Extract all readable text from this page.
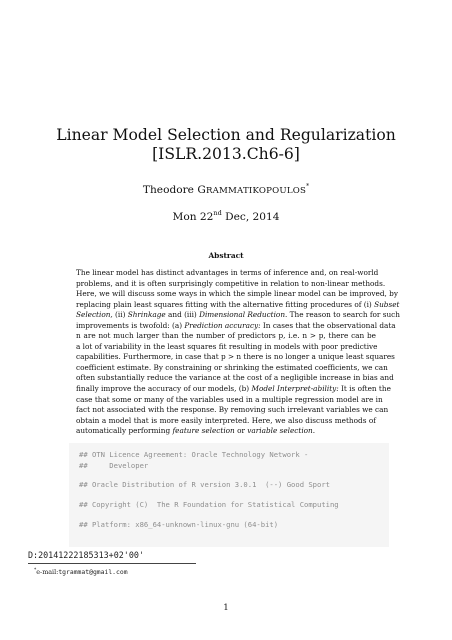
Linear Model Selection and Regularization
[ISLR.2013.Ch6-6]
Theodore GRAMMATIKOPOULOS*
Mon 22nd Dec, 2014
Abstract
The linear model has distinct advantages in terms of inference and, on real-world
problems, and it is often surprisingly competitive in relation to non-linear methods.
Here, we will discuss some ways in which the simple linear model can be improved, by
replacing plain least squares fitting with the alternative fitting procedures of (i) Subset
Selection, (ii) Shrinkage and (iii) Dimensional Reduction. The reason to search for such
improvements is twofold: (a) Prediction accuracy: In cases that the observational data
n are not much larger than the number of predictors p, i.e. n > p, there can be
a lot of variability in the least squares fit resulting in models with poor predictive
capabilities. Furthermore, in case that p > n there is no longer a unique least squares
coefficient estimate. By constraining or shrinking the estimated coefficients, we can
often substantially reduce the variance at the cost of a negligible increase in bias and
finally improve the accuracy of our models, (b) Model Interpret-ability: It is often the
case that some or many of the variables used in a multiple regression model are in
fact not associated with the response. By removing such irrelevant variables we can
obtain a model that is more easily interpreted. Here, we also discuss methods of
automatically performing feature selection or variable selection.
## OTN Licence Agreement: Oracle Technology Network -
##     Developer
## Oracle Distribution of R version 3.0.1  (--) Good Sport
## Copyright (C)  The R Foundation for Statistical Computing
## Platform: x86_64-unknown-linux-gnu (64-bit)
D:20141222185313+02'00'
*e-mail:tgrammat@gmail.com
1
